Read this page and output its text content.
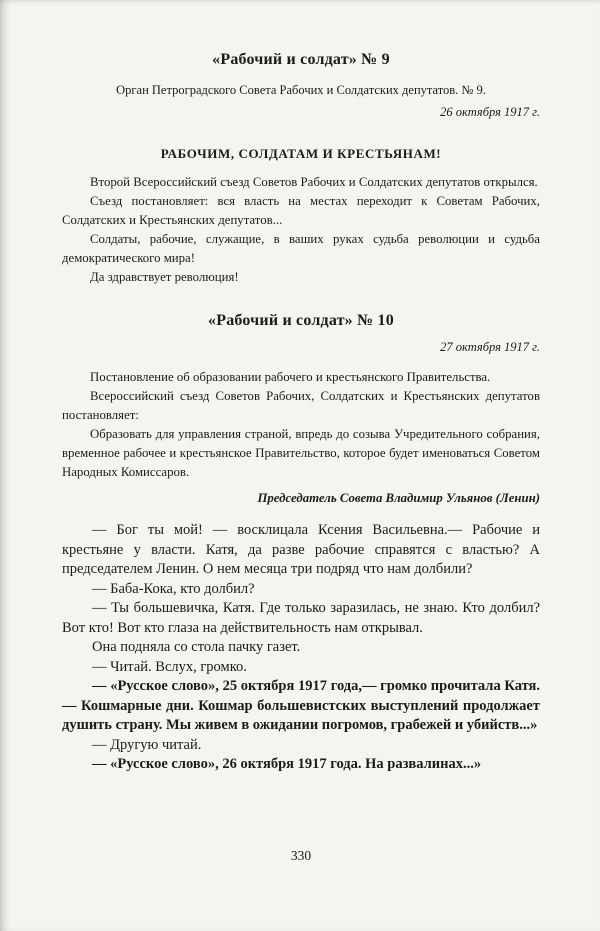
«Рабочий и солдат» № 9
Орган Петроградского Совета Рабочих и Солдатских депутатов. № 9.
26 октября 1917 г.
РАБОЧИМ, СОЛДАТАМ И КРЕСТЬЯНАМ!

Второй Всероссийский съезд Советов Рабочих и Солдатских депутатов открылся.

Съезд постановляет: вся власть на местах переходит к Советам Рабочих, Солдатских и Крестьянских депутатов...

Солдаты, рабочие, служащие, в ваших руках судьба революции и судьба демократического мира!

Да здравствует революция!

«Рабочий и солдат» № 10
27 октября 1917 г.

Постановление об образовании рабочего и крестьянского Правительства.

Всероссийский съезд Советов Рабочих, Солдатских и Крестьянских депутатов постановляет:

Образовать для управления страной, впредь до созыва Учредительного собрания, временное рабочее и крестьянское Правительство, которое будет именоваться Советом Народных Комиссаров.

Председатель Совета Владимир Ульянов (Ленин)

— Бог ты мой! — восклицала Ксения Васильевна.— Рабочие и крестьяне у власти. Катя, да разве рабочие справятся с властью? А председателем Ленин. О нем месяца три подряд что нам долбили?

— Баба-Кока, кто долбил?

— Ты большевичка, Катя. Где только заразилась, не знаю. Кто долбил? Вот кто! Вот кто глаза на действительность нам открывал.

Она подняла со стола пачку газет.

— Читай. Вслух, громко.

— «Русское слово», 25 октября 1917 года,— громко прочитала Катя.— Кошмарные дни. Кошмар большевистских выступлений продолжает душить страну. Мы живем в ожидании погромов, грабежей и убийств...»

— Другую читай.

— «Русское слово», 26 октября 1917 года. На развалинах...»

330
